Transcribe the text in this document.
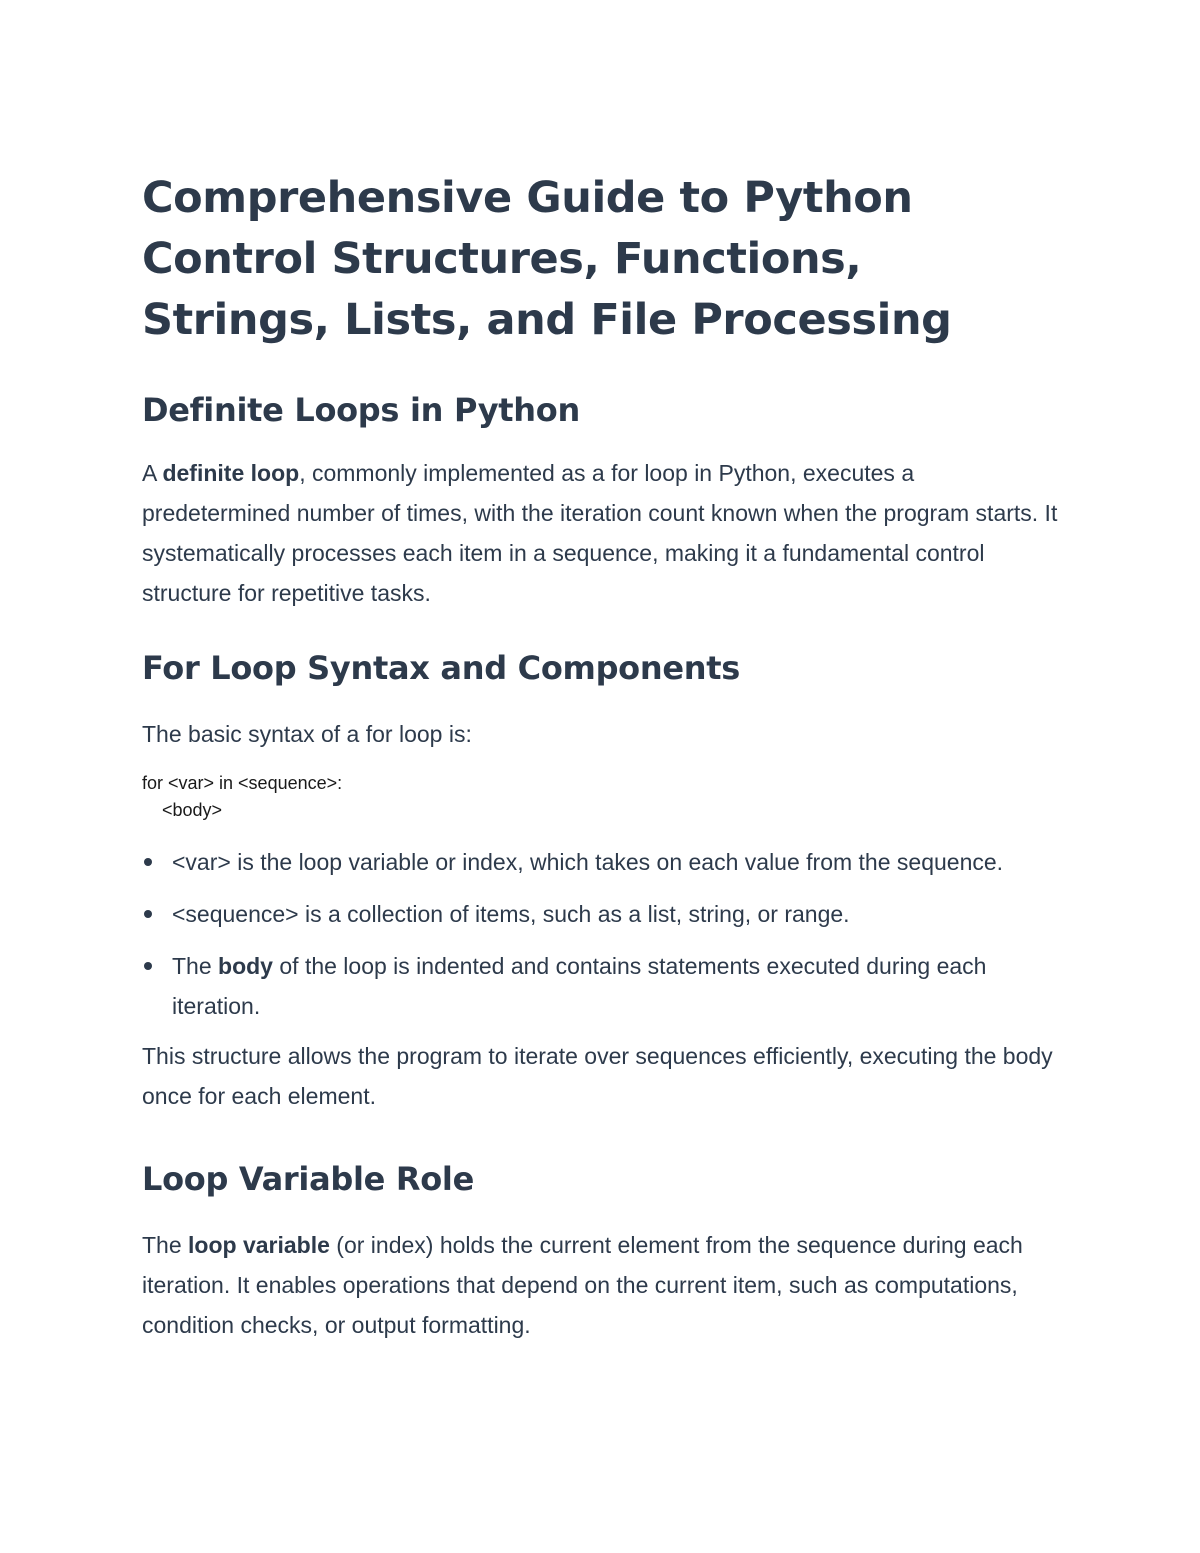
Comprehensive Guide to Python Control Structures, Functions, Strings, Lists, and File Processing
Definite Loops in Python

A definite loop, commonly implemented as a for loop in Python, executes a predetermined number of times, with the iteration count known when the program starts. It systematically processes each item in a sequence, making it a fundamental control structure for repetitive tasks.

For Loop Syntax and Components

The basic syntax of a for loop is:

for <var> in <sequence>:
<body>
<var> is the loop variable or index, which takes on each value from the sequence.
<sequence> is a collection of items, such as a list, string, or range.
The body of the loop is indented and contains statements executed during each iteration.

This structure allows the program to iterate over sequences efficiently, executing the body once for each element.

Loop Variable Role

The loop variable (or index) holds the current element from the sequence during each iteration. It enables operations that depend on the current item, such as computations, condition checks, or output formatting.
